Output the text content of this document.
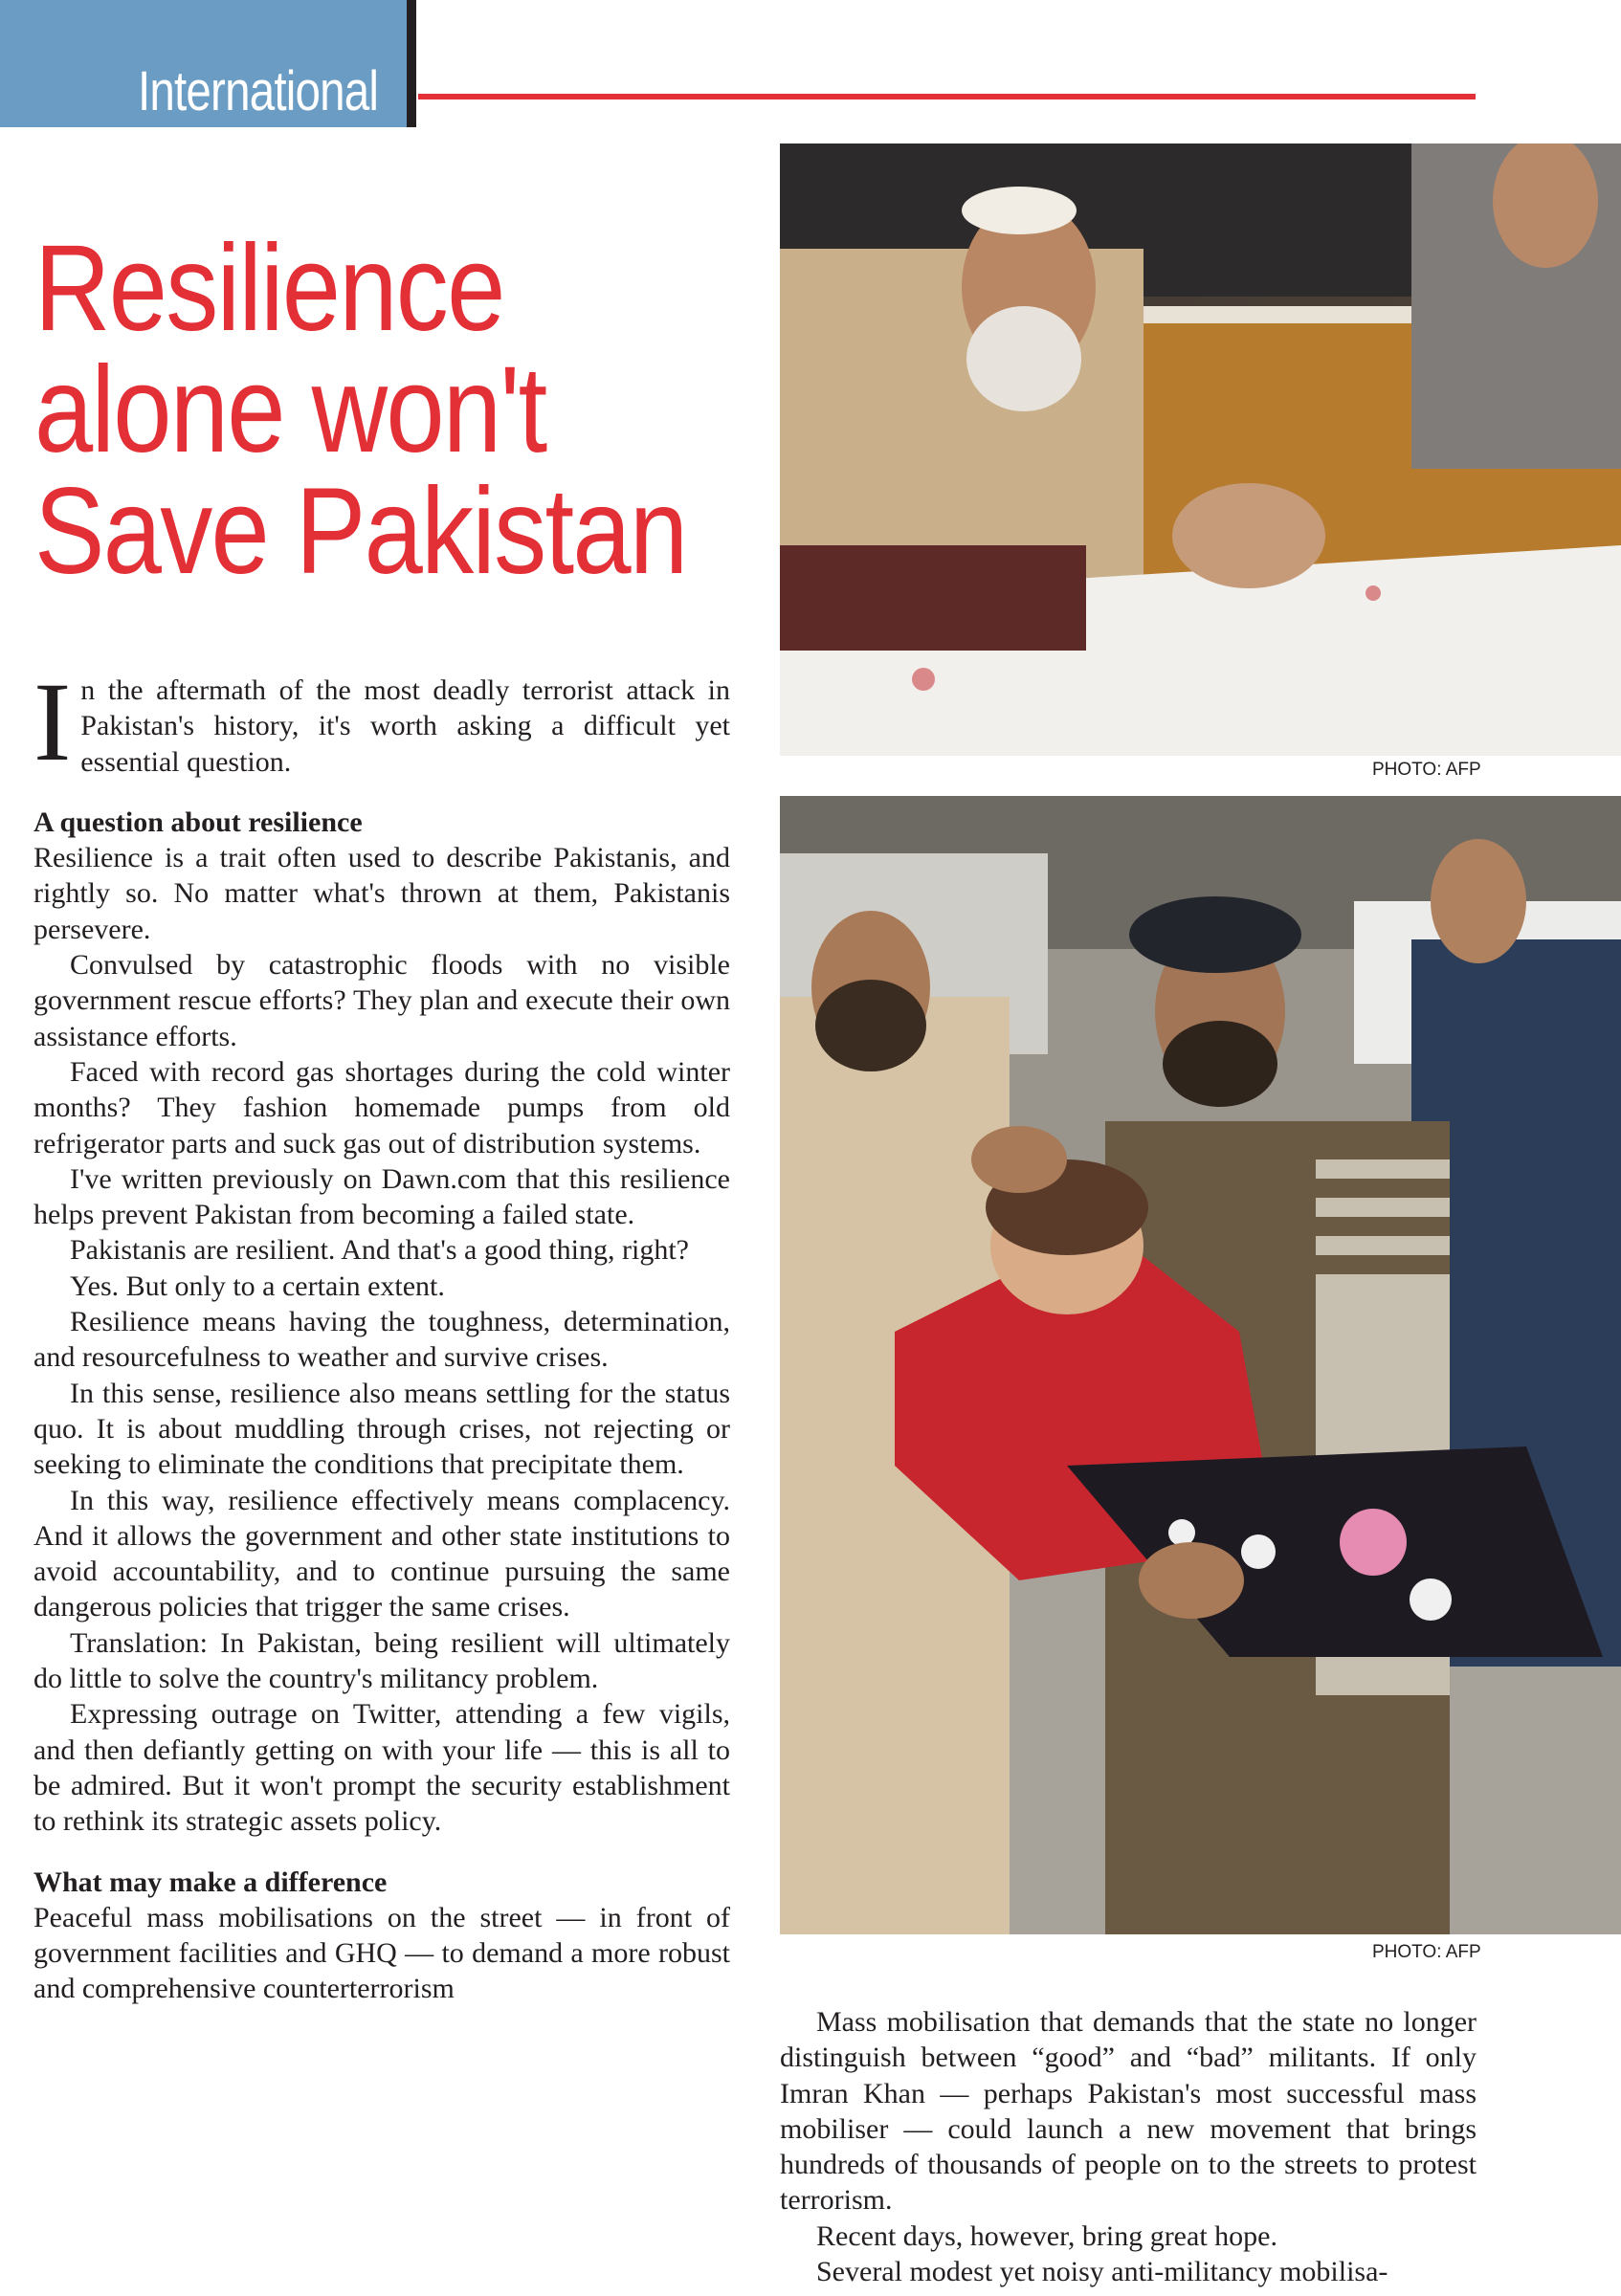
International
Resilience
alone won't
Save Pakistan

In the aftermath of the most deadly terrorist attack in Pakistan's history, it's worth asking a difficult yet essential question.

A question about resilience

Resilience is a trait often used to describe Pakistanis, and rightly so. No matter what's thrown at them, Pakistanis persevere.

Convulsed by catastrophic floods with no visible government rescue efforts? They plan and execute their own assistance efforts.

Faced with record gas shortages during the cold winter months? They fashion homemade pumps from old refrigerator parts and suck gas out of distribution systems.

I've written previously on Dawn.com that this resilience helps prevent Pakistan from becoming a failed state.

Pakistanis are resilient. And that's a good thing, right?

Yes. But only to a certain extent.

Resilience means having the toughness, determination, and resourcefulness to weather and survive crises.

In this sense, resilience also means settling for the status quo. It is about muddling through crises, not rejecting or seeking to eliminate the conditions that precipitate them.

In this way, resilience effectively means complacency. And it allows the government and other state institutions to avoid accountability, and to continue pursuing the same dangerous policies that trigger the same crises.

Translation: In Pakistan, being resilient will ultimately do little to solve the country's militancy problem.

Expressing outrage on Twitter, attending a few vigils, and then defiantly getting on with your life — this is all to be admired. But it won't prompt the security establishment to rethink its strategic assets policy.

What may make a difference

Peaceful mass mobilisations on the street — in front of government facilities and GHQ — to demand a more robust and comprehensive counterterrorism

PHOTO: AFP
PHOTO: AFP

Mass mobilisation that demands that the state no longer distinguish between “good” and “bad” militants. If only Imran Khan — perhaps Pakistan's most successful mass mobiliser — could launch a new movement that brings hundreds of thousands of people on to the streets to protest terrorism.

Recent days, however, bring great hope.

Several modest yet noisy anti-militancy mobilisa-
